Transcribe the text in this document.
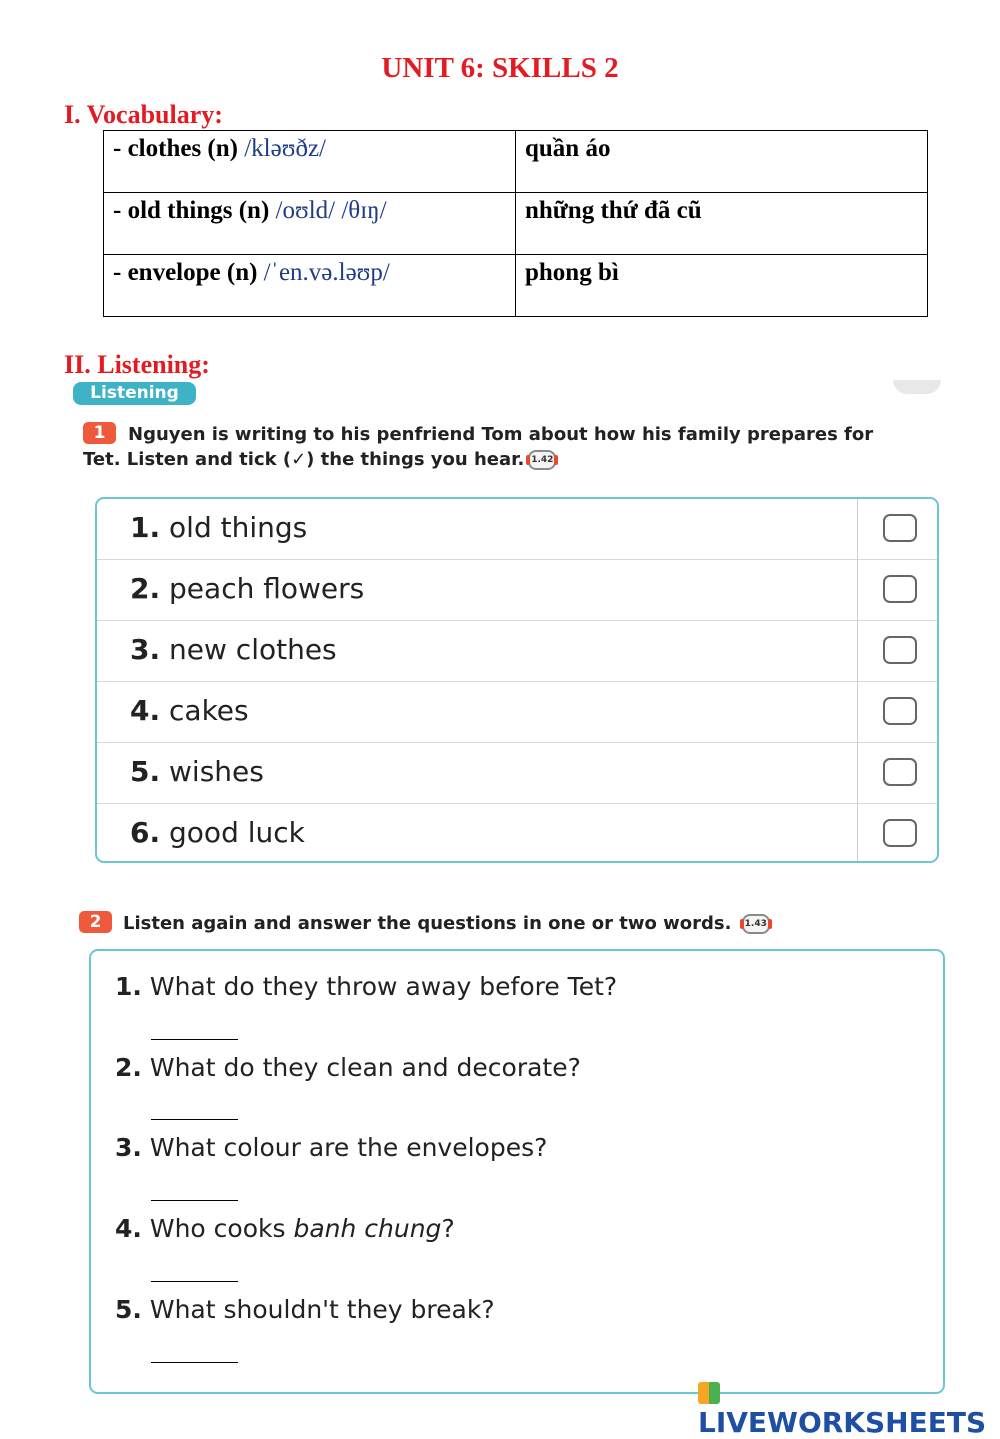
UNIT 6: SKILLS 2
I. Vocabulary:
- clothes (n) /kləʊðz/	quần áo
- old things (n) /oʊld/ /θɪŋ/	những thứ đã cũ
- envelope (n) /ˈen.və.ləʊp/	phong bì
II. Listening:
Listening
1	Nguyen is writing to his penfriend Tom about how his family prepares for
Tet. Listen and tick (✓) the things you hear. 1.42
1. old things
2. peach flowers
3. new clothes
4. cakes
5. wishes
6. good luck
2	Listen again and answer the questions in one or two words. 1.43
1. What do they throw away before Tet?
2. What do they clean and decorate?
3. What colour are the envelopes?
4. Who cooks banh chung?
5. What shouldn't they break?
LIVEWORKSHEETS
